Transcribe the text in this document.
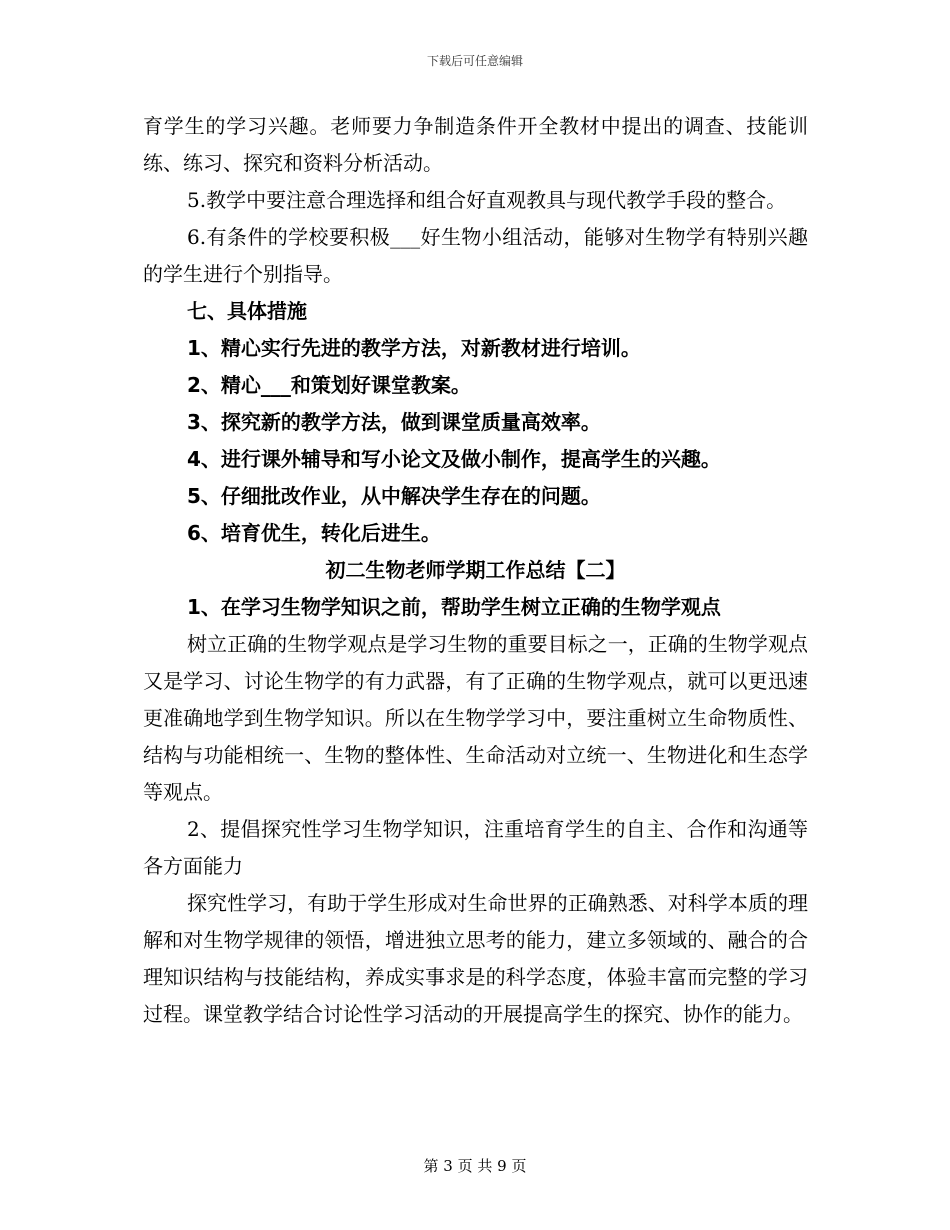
下载后可任意编辑

育学生的学习兴趣。老师要力争制造条件开全教材中提出的调查、技能训练、练习、探究和资料分析活动。

5.教学中要注意合理选择和组合好直观教具与现代教学手段的整合。

6.有条件的学校要积极___好生物小组活动，能够对生物学有特别兴趣的学生进行个别指导。

七、具体措施

1、精心实行先进的教学方法，对新教材进行培训。

2、精心___和策划好课堂教案。

3、探究新的教学方法，做到课堂质量高效率。

4、进行课外辅导和写小论文及做小制作，提高学生的兴趣。

5、仔细批改作业，从中解决学生存在的问题。

6、培育优生，转化后进生。

初二生物老师学期工作总结【二】

1、在学习生物学知识之前，帮助学生树立正确的生物学观点

树立正确的生物学观点是学习生物的重要目标之一，正确的生物学观点又是学习、讨论生物学的有力武器，有了正确的生物学观点，就可以更迅速更准确地学到生物学知识。所以在生物学学习中，要注重树立生命物质性、结构与功能相统一、生物的整体性、生命活动对立统一、生物进化和生态学等观点。

2、提倡探究性学习生物学知识，注重培育学生的自主、合作和沟通等各方面能力

探究性学习，有助于学生形成对生命世界的正确熟悉、对科学本质的理解和对生物学规律的领悟，增进独立思考的能力，建立多领域的、融合的合理知识结构与技能结构，养成实事求是的科学态度，体验丰富而完整的学习过程。课堂教学结合讨论性学习活动的开展提高学生的探究、协作的能力。

第 3 页 共 9 页
